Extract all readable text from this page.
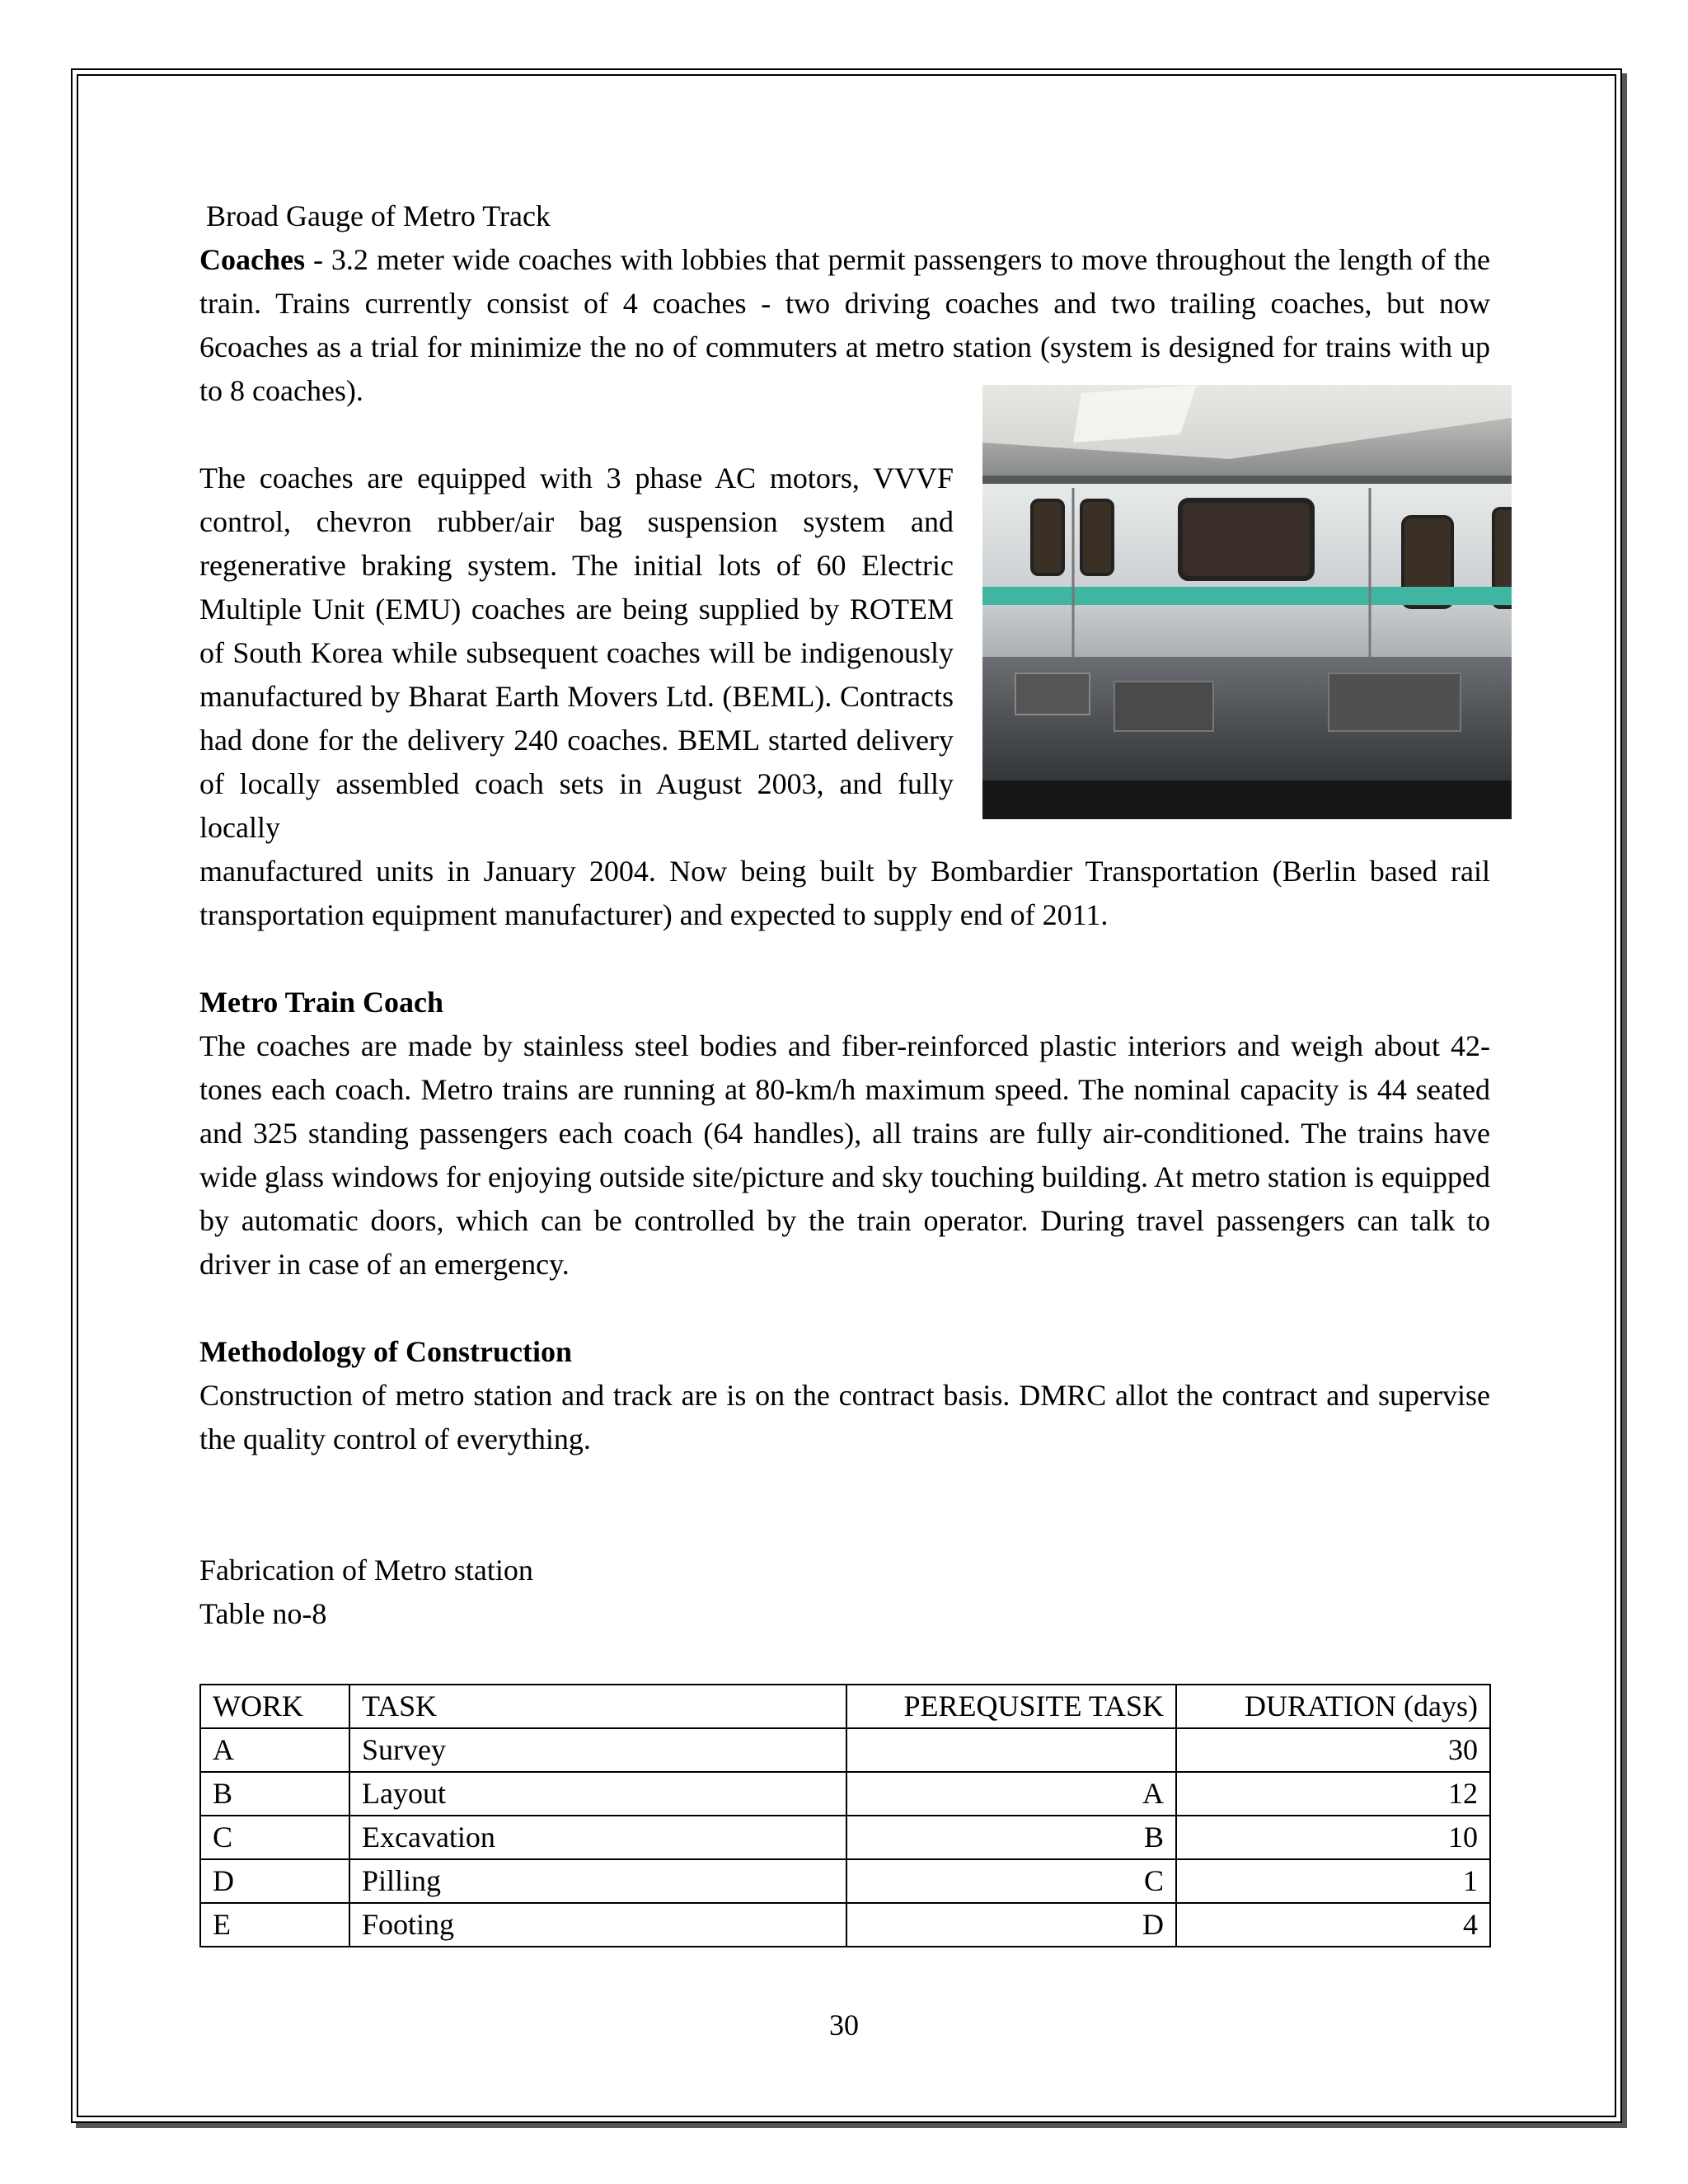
Broad Gauge of Metro Track

Coaches - 3.2 meter wide coaches with lobbies that permit passengers to move throughout the length of the train. Trains currently consist of 4 coaches - two driving coaches and two trailing coaches, but now 6coaches as a trial for minimize the no of commuters at metro station (system is designed for trains with up to 8 coaches).

The coaches are equipped with 3 phase AC motors, VVVF control, chevron rubber/air bag suspension system and regenerative braking system. The initial lots of 60 Electric Multiple Unit (EMU) coaches are being supplied by ROTEM of South Korea while subsequent coaches will be indigenously manufactured by Bharat Earth Movers Ltd. (BEML). Contracts had done for the delivery 240 coaches. BEML started delivery of locally assembled coach sets in August 2003, and fully locally

manufactured units in January 2004. Now being built by Bombardier Transportation (Berlin based rail transportation equipment manufacturer) and expected to supply end of 2011.

Metro Train Coach

The coaches are made by stainless steel bodies and fiber-reinforced plastic interiors and weigh about 42-tones each coach. Metro trains are running at 80-km/h maximum speed. The nominal capacity is 44 seated and 325 standing passengers each coach (64 handles), all trains are fully air-conditioned. The trains have wide glass windows for enjoying outside site/picture and sky touching building. At metro station is equipped by automatic doors, which can be controlled by the train operator. During travel passengers can talk to driver in case of an emergency.

Methodology of Construction

Construction of metro station and track are is on the contract basis. DMRC allot the contract and supervise the quality control of everything.

Fabrication of Metro station

Table no-8

WORK	TASK	PEREQUSITE TASK	DURATION (days)
A	Survey		30
B	Layout	A	12
C	Excavation	B	10
D	Pilling	C	1
E	Footing	D	4
30
